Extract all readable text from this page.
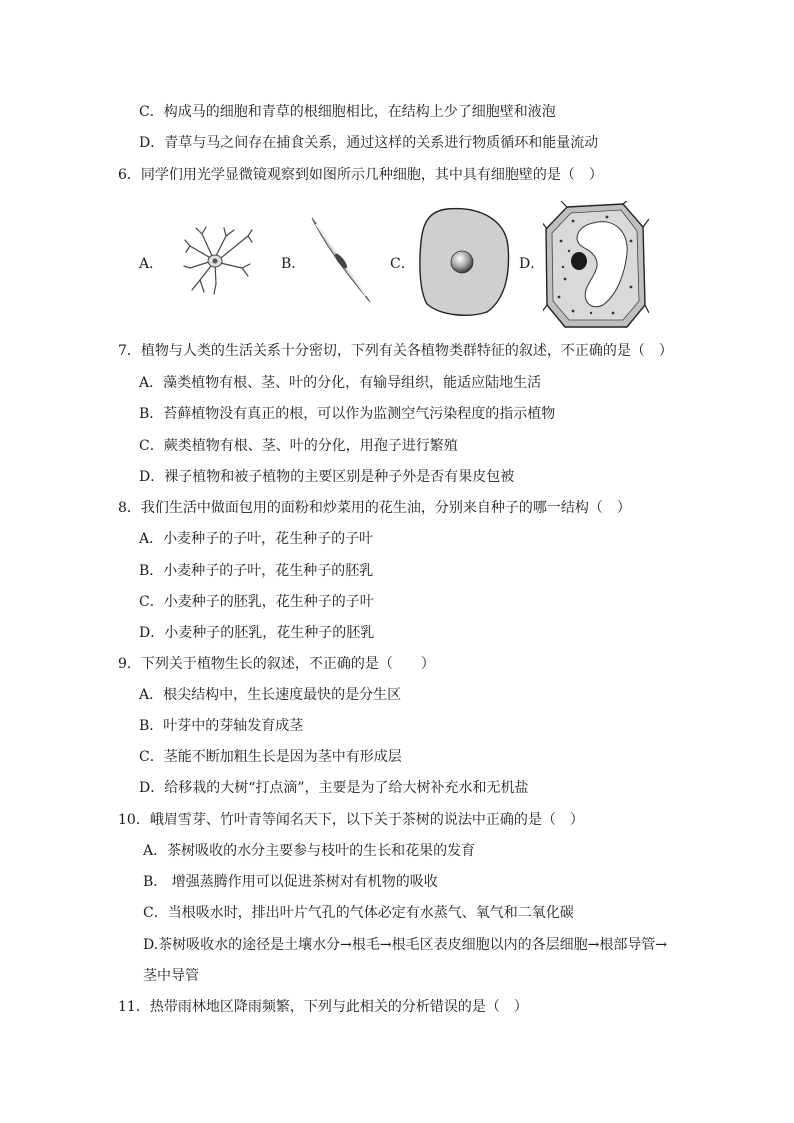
C．构成马的细胞和青草的根细胞相比，在结构上少了细胞壁和液泡
D．青草与马之间存在捕食关系，通过这样的关系进行物质循环和能量流动
6．同学们用光学显微镜观察到如图所示几种细胞，其中具有细胞壁的是（　）
A．	B．	C．	D．
7．植物与人类的生活关系十分密切，下列有关各植物类群特征的叙述，不正确的是（　）
A．藻类植物有根、茎、叶的分化，有输导组织，能适应陆地生活
B．苔藓植物没有真正的根，可以作为监测空气污染程度的指示植物
C．蕨类植物有根、茎、叶的分化，用孢子进行繁殖
D．裸子植物和被子植物的主要区别是种子外是否有果皮包被
8．我们生活中做面包用的面粉和炒菜用的花生油，分别来自种子的哪一结构（　）
A．小麦种子的子叶，花生种子的子叶
B．小麦种子的子叶，花生种子的胚乳
C．小麦种子的胚乳，花生种子的子叶
D．小麦种子的胚乳，花生种子的胚乳
9．下列关于植物生长的叙述，不正确的是（　　）
A．根尖结构中，生长速度最快的是分生区
B．叶芽中的芽轴发育成茎
C．茎能不断加粗生长是因为茎中有形成层
D．给移栽的大树“打点滴”，主要是为了给大树补充水和无机盐
10．峨眉雪芽、竹叶青等闻名天下，以下关于茶树的说法中正确的是（　）
A．茶树吸收的水分主要参与枝叶的生长和花果的发育
B． 增强蒸腾作用可以促进茶树对有机物的吸收
C．当根吸水时，排出叶片气孔的气体必定有水蒸气、氧气和二氧化碳
D.茶树吸收水的途径是土壤水分→根毛→根毛区表皮细胞以内的各层细胞→根部导管→
茎中导管
11．热带雨林地区降雨频繁，下列与此相关的分析错误的是（　）
